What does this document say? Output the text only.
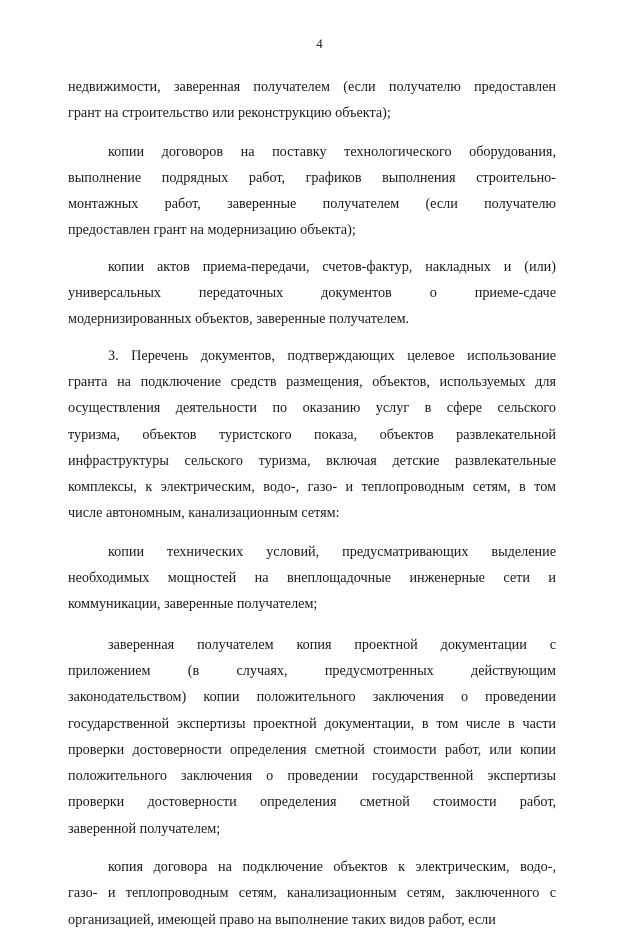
4

недвижимости, заверенная получателем (если получателю предоставлен
грант на строительство или реконструкцию объекта);

копии договоров на поставку технологического оборудования,
выполнение подрядных работ, графиков выполнения строительно-
монтажных работ, заверенные получателем (если получателю
предоставлен грант на модернизацию объекта);

копии актов приема-передачи, счетов-фактур, накладных и (или)
универсальных передаточных документов о приеме-сдаче
модернизированных объектов, заверенные получателем.

3. Перечень документов, подтверждающих целевое использование
гранта на подключение средств размещения, объектов, используемых для
осуществления деятельности по оказанию услуг в сфере сельского
туризма, объектов туристского показа, объектов развлекательной
инфраструктуры сельского туризма, включая детские развлекательные
комплексы, к электрическим, водо-, газо- и теплопроводным сетям, в том
числе автономным, канализационным сетям:

копии технических условий, предусматривающих выделение
необходимых мощностей на внеплощадочные инженерные сети и
коммуникации, заверенные получателем;

заверенная получателем копия проектной документации с
приложением (в случаях, предусмотренных действующим
законодательством) копии положительного заключения о проведении
государственной экспертизы проектной документации, в том числе в части
проверки достоверности определения сметной стоимости работ, или копии
положительного заключения о проведении государственной экспертизы
проверки достоверности определения сметной стоимости работ,
заверенной получателем;

копия договора на подключение объектов к электрическим, водо-,
газо- и теплопроводным сетям, канализационным сетям, заключенного с
организацией, имеющей право на выполнение таких видов работ, если
